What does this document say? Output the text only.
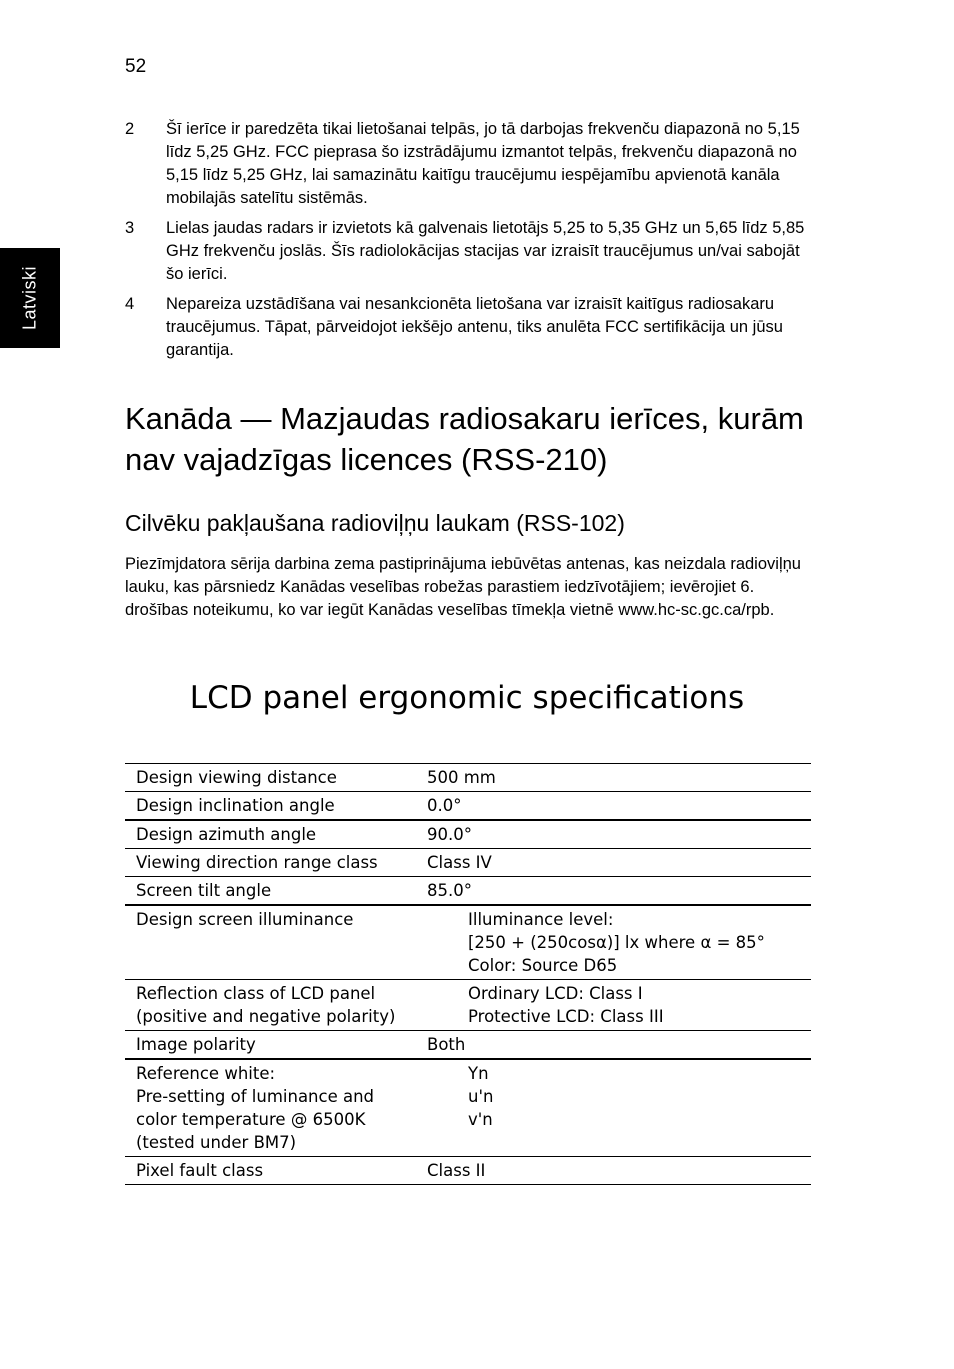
52
Latviski
2	Šī ierīce ir paredzēta tikai lietošanai telpās, jo tā darbojas frekvenču diapazonā no 5,15 līdz 5,25 GHz. FCC pieprasa šo izstrādājumu izmantot telpās, frekvenču diapazonā no 5,15 līdz 5,25 GHz, lai samazinātu kaitīgu traucējumu iespējamību apvienotā kanāla mobilajās satelītu sistēmās.
3	Lielas jaudas radars ir izvietots kā galvenais lietotājs 5,25 to 5,35 GHz un 5,65 līdz 5,85 GHz frekvenču joslās. Šīs radiolokācijas stacijas var izraisīt traucējumus un/vai sabojāt šo ierīci.
4	Nepareiza uzstādīšana vai nesankcionēta lietošana var izraisīt kaitīgus radiosakaru traucējumus. Tāpat, pārveidojot iekšējo antenu, tiks anulēta FCC sertifikācija un jūsu garantija.
Kanāda — Mazjaudas radiosakaru ierīces, kurām nav vajadzīgas licences (RSS-210)
Cilvēku pakļaušana radioviļņu laukam (RSS-102)

Piezīmjdatora sērija darbina zema pastiprinājuma iebūvētas antenas, kas neizdala radioviļņu lauku, kas pārsniedz Kanādas veselības robežas parastiem iedzīvotājiem; ievērojiet 6. drošības noteikumu, ko var iegūt Kanādas veselības tīmekļa vietnē www.hc-sc.gc.ca/rpb.

LCD panel ergonomic specifications
Design viewing distance	500 mm

Design inclination angle	0.0°

Design azimuth angle	90.0°

Viewing direction range class	Class IV

Screen tilt angle	85.0°

Design screen illuminance	Illuminance level:
[250 + (250cosα)] lx where α = 85°
Color: Source D65

Reflection class of LCD panel
(positive and negative polarity)	Ordinary LCD: Class I
Protective LCD: Class III

Image polarity	Both

Reference white:
Pre-setting of luminance and
color temperature @ 6500K
(tested under BM7)	Yn
u'n
v'n

Pixel fault class	Class II
